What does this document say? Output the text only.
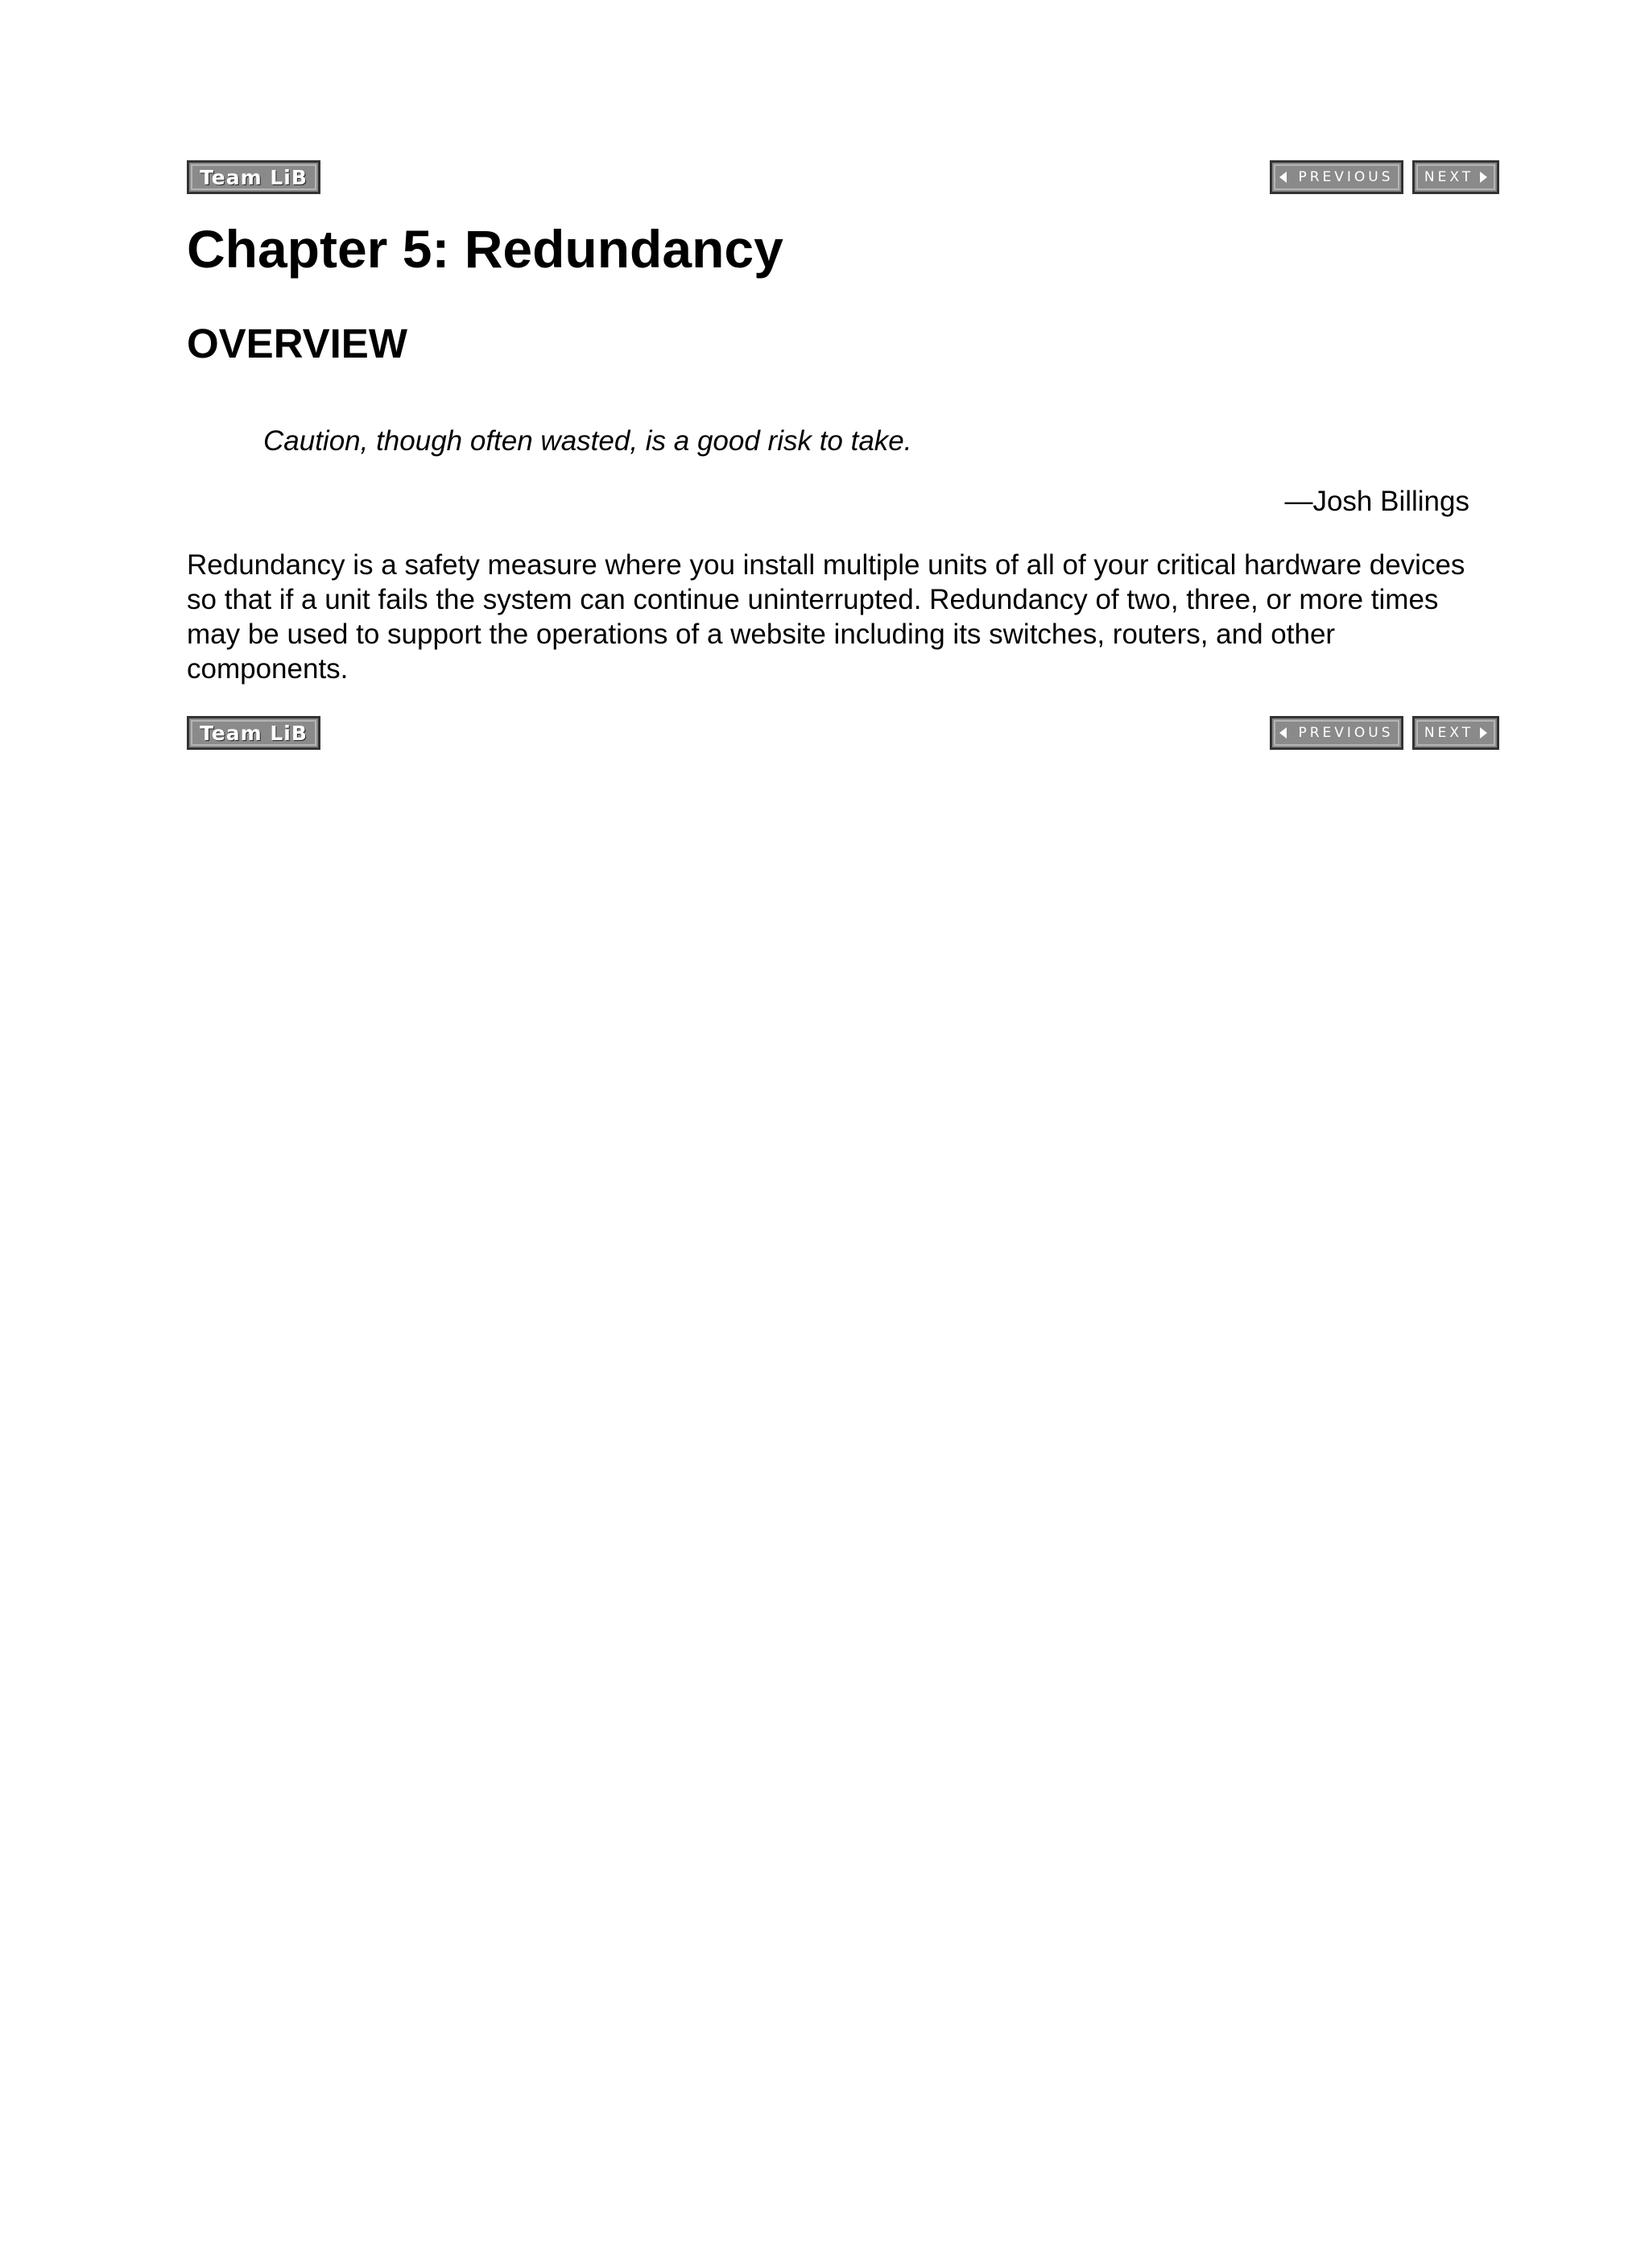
Team LiB	PREVIOUS NEXT
Chapter 5: Redundancy
OVERVIEW

Caution, though often wasted, is a good risk to take.

—Josh Billings

Redundancy is a safety measure where you install multiple units of all of your critical hardware devices so that if a unit fails the system can continue uninterrupted. Redundancy of two, three, or more times may be used to support the operations of a website including its switches, routers, and other components.

Team LiB	PREVIOUS NEXT
